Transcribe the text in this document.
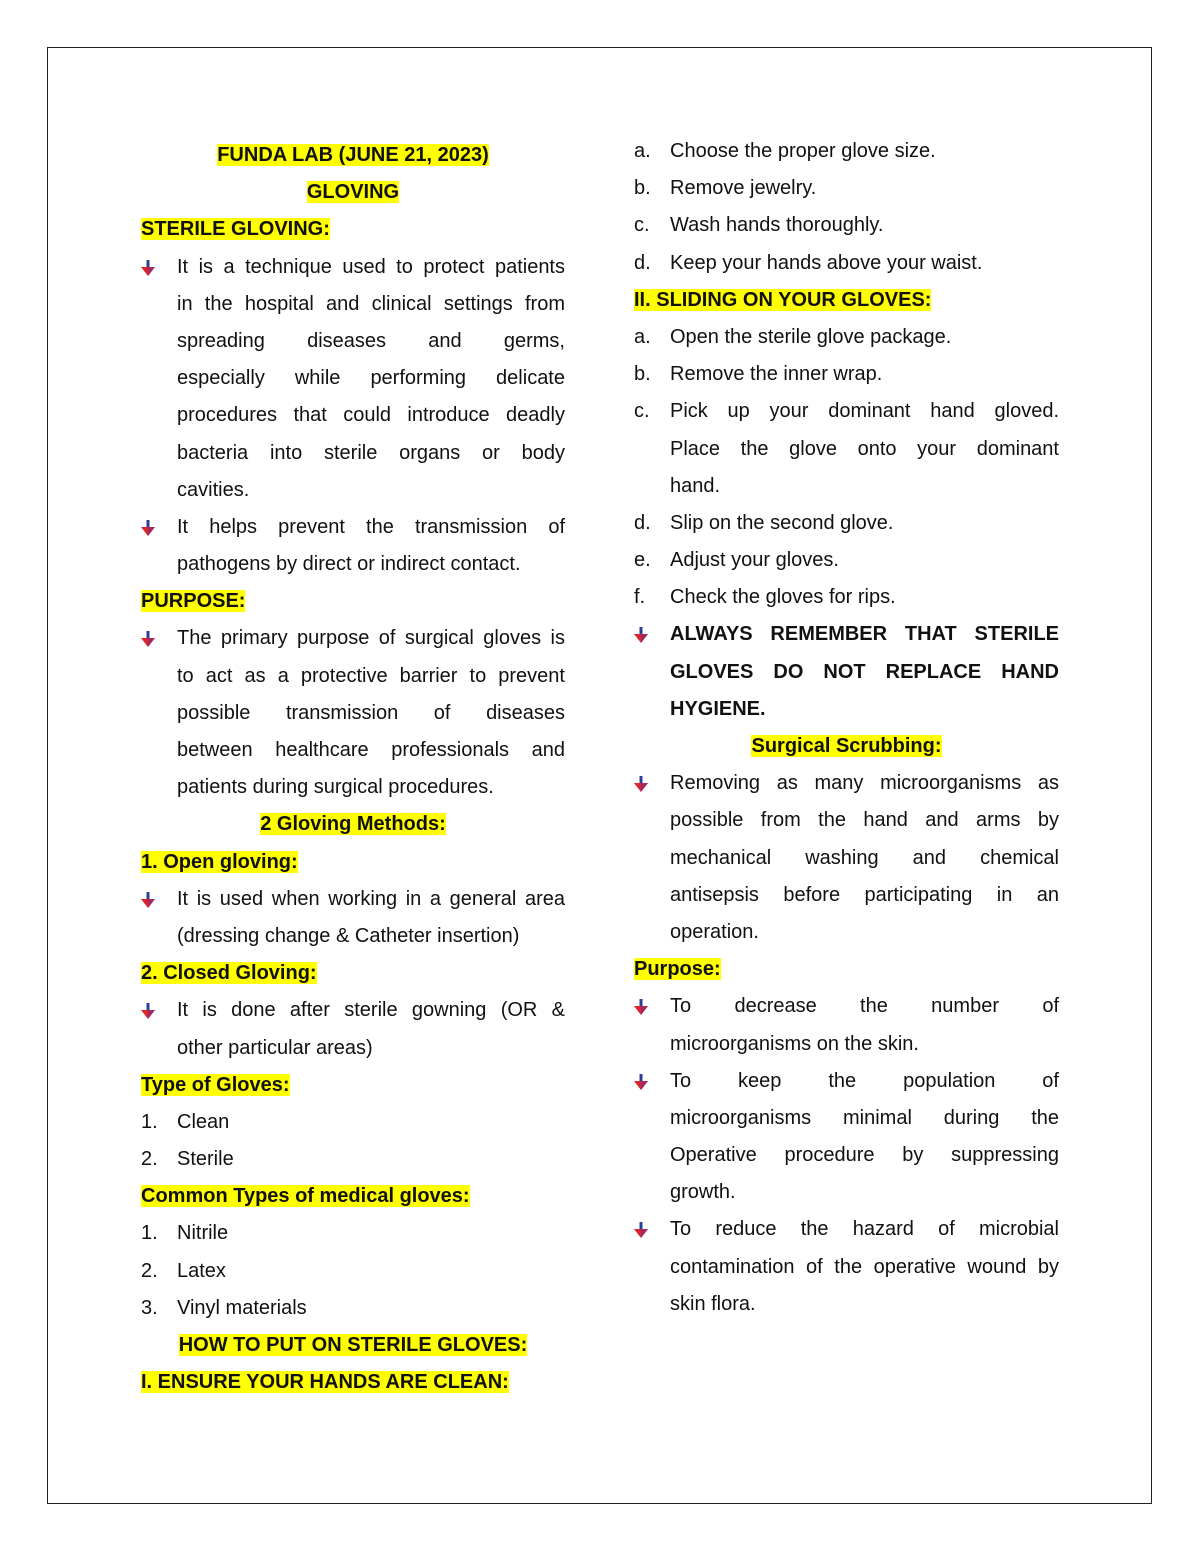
FUNDA LAB (JUNE 21, 2023)
GLOVING
STERILE GLOVING:
It is a technique used to protect patients
in the hospital and clinical settings from
spreading diseases and germs,
especially while performing delicate
procedures that could introduce deadly
bacteria into sterile organs or body
cavities.
It helps prevent the transmission of
pathogens by direct or indirect contact.
PURPOSE:
The primary purpose of surgical gloves is
to act as a protective barrier to prevent
possible transmission of diseases
between healthcare professionals and
patients during surgical procedures.
2 Gloving Methods:
1. Open gloving:
It is used when working in a general area
(dressing change & Catheter insertion)
2. Closed Gloving:
It is done after sterile gowning (OR &
other particular areas)
Type of Gloves:
1. Clean
2. Sterile
Common Types of medical gloves:
1. Nitrile
2. Latex
3. Vinyl materials
HOW TO PUT ON STERILE GLOVES:
I. ENSURE YOUR HANDS ARE CLEAN:
a. Choose the proper glove size.
b. Remove jewelry.
c.	Wash hands thoroughly.
d. Keep your hands above your waist.
II. SLIDING ON YOUR GLOVES:
a. Open the sterile glove package.
b. Remove the inner wrap.
c.	Pick up your dominant hand gloved.
Place the glove onto your dominant
hand.
d. Slip on the second glove.
e. Adjust your gloves.
f.	Check the gloves for rips.
ALWAYS REMEMBER THAT STERILE
GLOVES DO NOT REPLACE HAND
HYGIENE.
Surgical Scrubbing:
Removing as many microorganisms as
possible from the hand and arms by
mechanical washing and chemical
antisepsis before participating in an
operation.
Purpose:
To decrease the number of
microorganisms on the skin.
To keep the population of
microorganisms minimal during the
Operative procedure by suppressing
growth.
To reduce the hazard of microbial
contamination of the operative wound by
skin flora.
